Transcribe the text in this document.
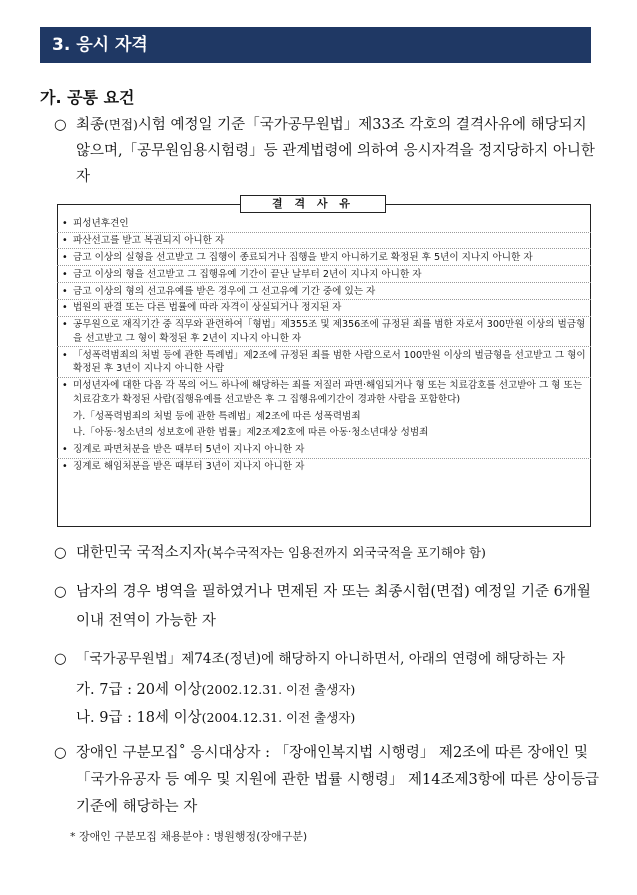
3. 응시 자격
가. 공통 요건
○ 최종(면접)시험 예정일 기준「국가공무원법」제33조 각호의 결격사유에 해당되지 않으며,「공무원임용시험령」등 관계법령에 의하여 응시자격을 정지당하지 아니한 자
결 격 사 유
• 피성년후견인
• 파산선고를 받고 복권되지 아니한 자
• 금고 이상의 실형을 선고받고 그 집행이 종료되거나 집행을 받지 아니하기로 확정된 후 5년이 지나지 아니한 자
• 금고 이상의 형을 선고받고 그 집행유예 기간이 끝난 날부터 2년이 지나지 아니한 자
• 금고 이상의 형의 선고유예를 받은 경우에 그 선고유예 기간 중에 있는 자
• 법원의 판결 또는 다른 법률에 따라 자격이 상실되거나 정지된 자
• 공무원으로 재직기간 중 직무와 관련하여「형법」제355조 및 제356조에 규정된 죄를 범한 자로서 300만원 이상의 벌금형을 선고받고 그 형이 확정된 후 2년이 지나지 아니한 자
• 「성폭력범죄의 처벌 등에 관한 특례법」제2조에 규정된 죄를 범한 사람으로서 100만원 이상의 벌금형을 선고받고 그 형이 확정된 후 3년이 지나지 아니한 사람
• 미성년자에 대한 다음 각 목의 어느 하나에 해당하는 죄를 저질러 파면·해임되거나 형 또는 치료감호를 선고받아 그 형 또는 치료감호가 확정된 사람(집행유예를 선고받은 후 그 집행유예기간이 경과한 사람을 포함한다)
가.「성폭력범죄의 처벌 등에 관한 특례법」제2조에 따른 성폭력범죄
나.「아동·청소년의 성보호에 관한 법률」제2조제2호에 따른 아동·청소년대상 성범죄
• 징계로 파면처분을 받은 때부터 5년이 지나지 아니한 자
• 징계로 해임처분을 받은 때부터 3년이 지나지 아니한 자
○ 대한민국 국적소지자(복수국적자는 임용전까지 외국국적을 포기해야 함)
○ 남자의 경우 병역을 필하였거나 면제된 자 또는 최종시험(면접) 예정일 기준 6개월 이내 전역이 가능한 자
○ 「국가공무원법」제74조(정년)에 해당하지 아니하면서, 아래의 연령에 해당하는 자
가. 7급 : 20세 이상(2002.12.31. 이전 출생자)
나. 9급 : 18세 이상(2004.12.31. 이전 출생자)
○ 장애인 구분모집˚ 응시대상자 : 「장애인복지법 시행령」 제2조에 따른 장애인 및 「국가유공자 등 예우 및 지원에 관한 법률 시행령」 제14조제3항에 따른 상이등급기준에 해당하는 자
* 장애인 구분모집 채용분야 : 병원행정(장애구분)
